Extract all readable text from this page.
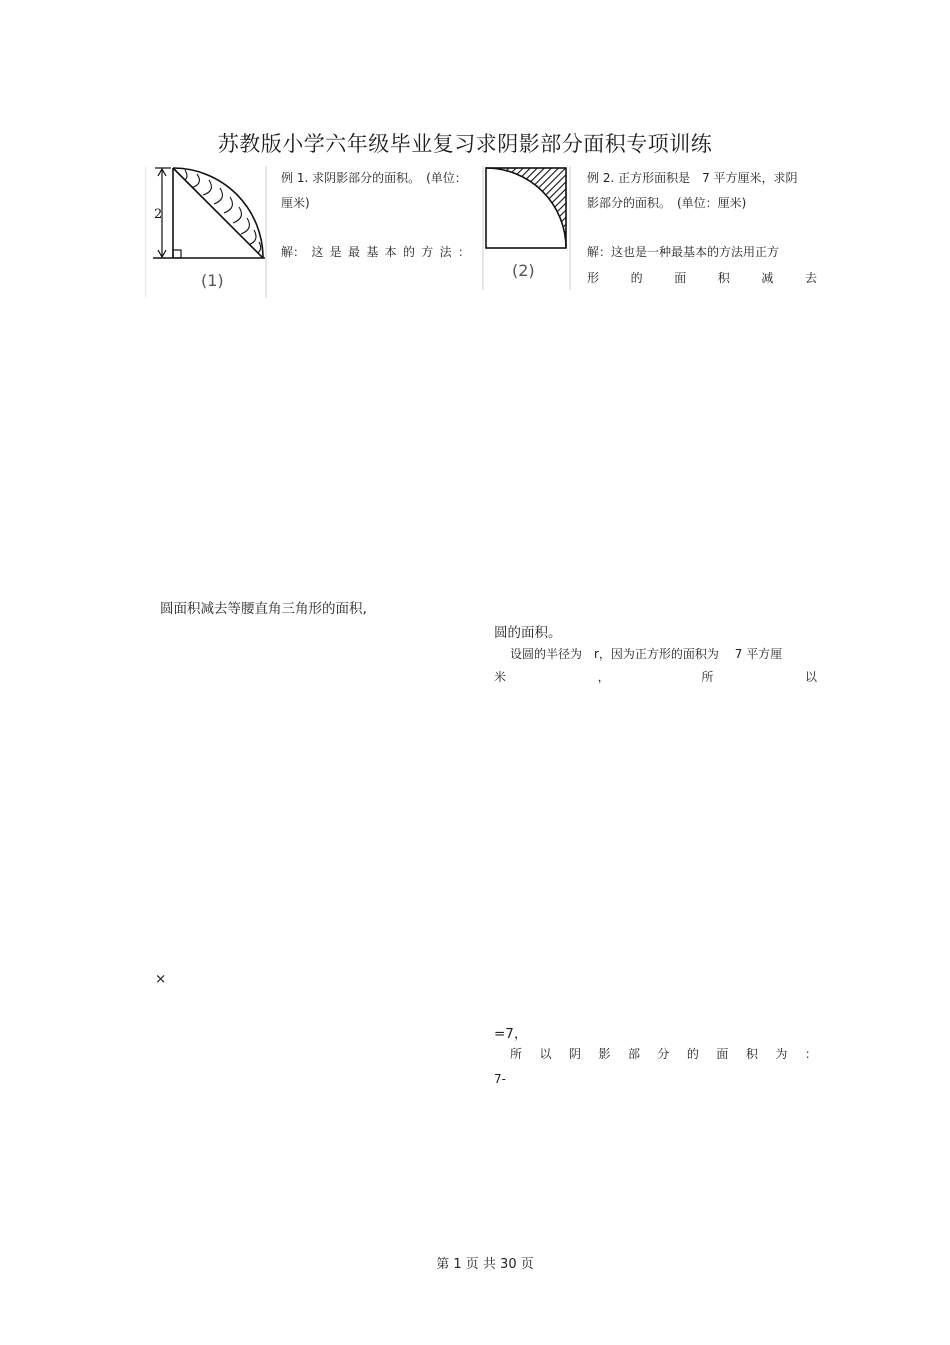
苏教版小学六年级毕业复习求阴影部分面积专项训练
2
(1)
例 1. 求阴影部分的面积。　(单位：
厘米)
解： 这 是 最 基 本 的 方 法 ：
(2)
例 2. 正方形面积是　7 平方厘米，求阴
影部分的面积。　(单位：厘米)
解：这也是一种最基本的方法用正方
形	的	面	积	减	去
圆面积减去等腰直角三角形的面积,
圆的面积。
设圆的半径为　r，因为正方形的面积为　 7 平方厘
米	，	所	以
×
=7，
所 以 阴 影 部 分 的 面 积 为 ：
7-
第 1 页 共 30 页
